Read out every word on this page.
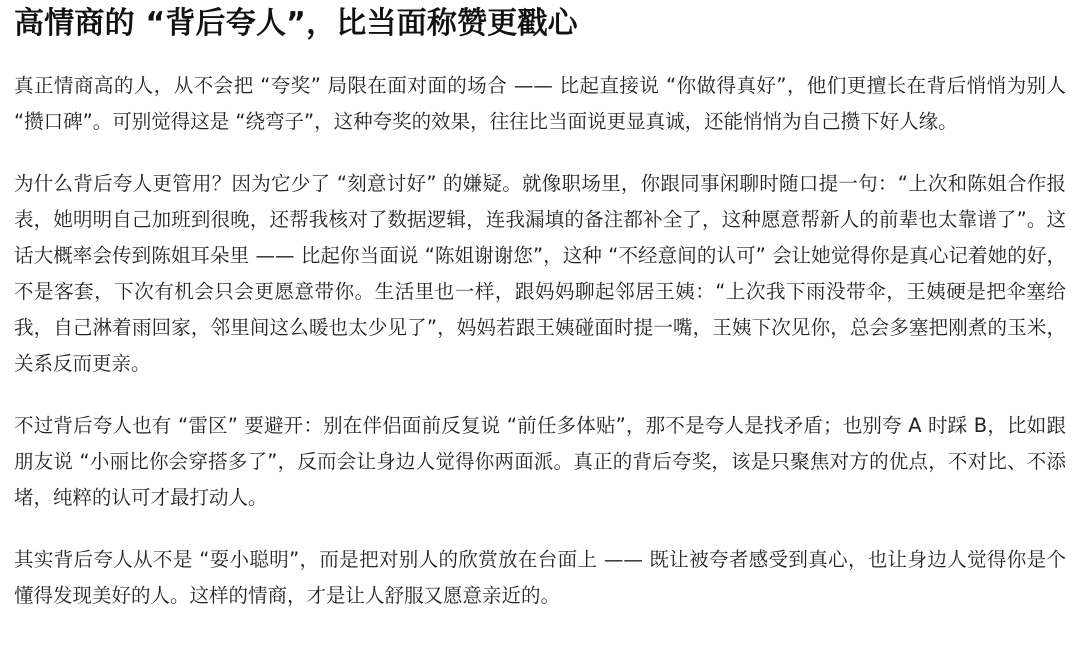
高情商的 “背后夸人”，比当面称赞更戳心

真正情商高的人，从不会把 “夸奖” 局限在面对面的场合 —— 比起直接说 “你做得真好”，他们更擅长在背后悄悄为别人 “攒口碑”。可别觉得这是 “绕弯子”，这种夸奖的效果，往往比当面说更显真诚，还能悄悄为自己攒下好人缘。

为什么背后夸人更管用？因为它少了 “刻意讨好” 的嫌疑。就像职场里，你跟同事闲聊时随口提一句：“上次和陈姐合作报表，她明明自己加班到很晚，还帮我核对了数据逻辑，连我漏填的备注都补全了，这种愿意帮新人的前辈也太靠谱了”。这话大概率会传到陈姐耳朵里 —— 比起你当面说 “陈姐谢谢您”，这种 “不经意间的认可” 会让她觉得你是真心记着她的好，不是客套，下次有机会只会更愿意带你。生活里也一样，跟妈妈聊起邻居王姨：“上次我下雨没带伞，王姨硬是把伞塞给我，自己淋着雨回家，邻里间这么暖也太少见了”，妈妈若跟王姨碰面时提一嘴，王姨下次见你，总会多塞把刚煮的玉米，关系反而更亲。

不过背后夸人也有 “雷区” 要避开：别在伴侣面前反复说 “前任多体贴”，那不是夸人是找矛盾；也别夸 A 时踩 B，比如跟朋友说 “小丽比你会穿搭多了”，反而会让身边人觉得你两面派。真正的背后夸奖，该是只聚焦对方的优点，不对比、不添堵，纯粹的认可才最打动人。

其实背后夸人从不是 “耍小聪明”，而是把对别人的欣赏放在台面上 —— 既让被夸者感受到真心，也让身边人觉得你是个懂得发现美好的人。这样的情商，才是让人舒服又愿意亲近的。
